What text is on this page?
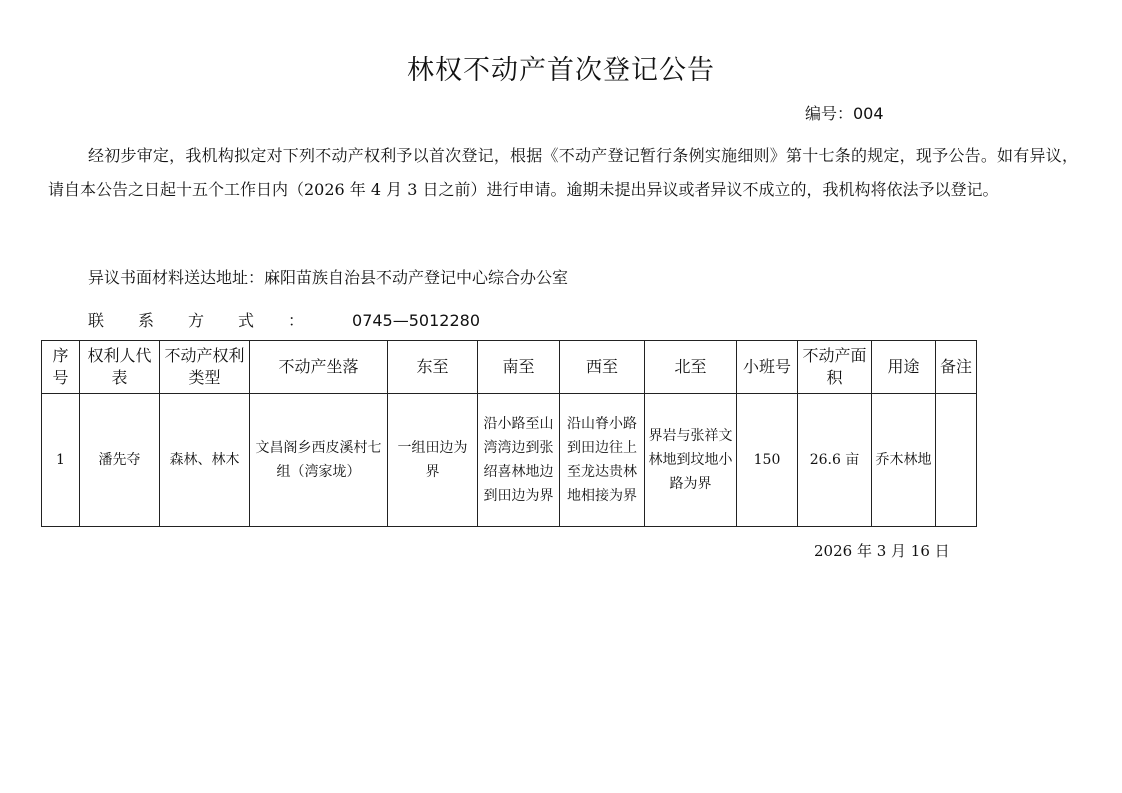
林权不动产首次登记公告
编号：004

经初步审定，我机构拟定对下列不动产权利予以首次登记，根据《不动产登记暂行条例实施细则》第十七条的规定，现予公告。如有异议，请自本公告之日起十五个工作日内（2026 年 4 月 3 日之前）进行申请。逾期未提出异议或者异议不成立的，我机构将依法予以登记。

异议书面材料送达地址：麻阳苗族自治县不动产登记中心综合办公室
联系方式： 0745—5012280
序号	权利人代表	不动产权利类型	不动产坐落	东至	南至	西至	北至	小班号	不动产面积	用途	备注
1	潘先夺	森林、林木	文昌阁乡西皮溪村七组（湾家垅）	一组田边为界	沿小路至山湾湾边到张绍喜林地边到田边为界	沿山脊小路到田边往上至龙达贵林地相接为界	界岩与张祥文林地到坟地小路为界	150	26.6 亩	乔木林地	
2026 年 3 月 16 日
